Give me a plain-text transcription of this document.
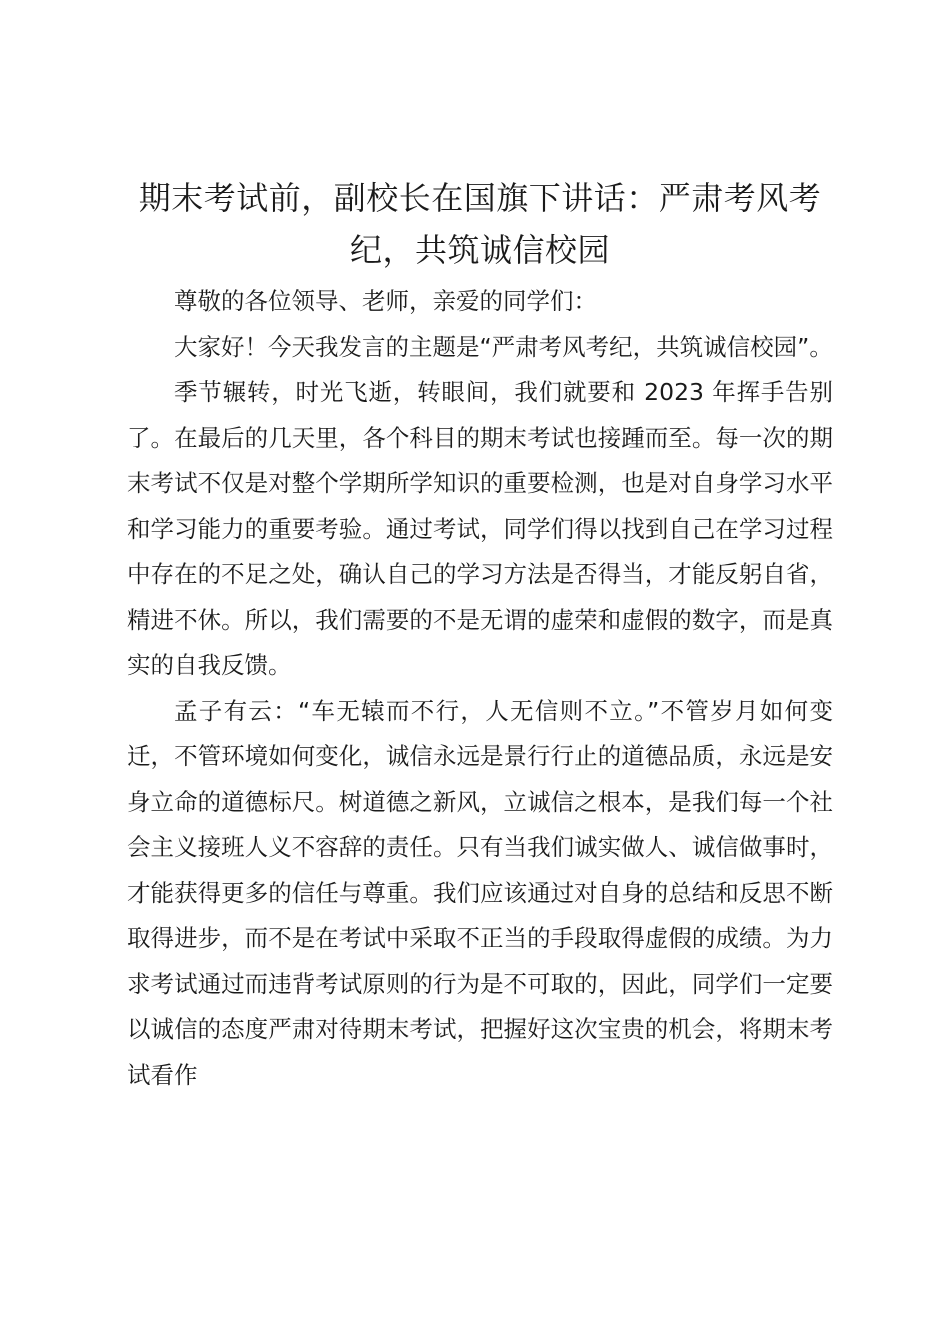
期末考试前，副校长在国旗下讲话：严肃考风考纪，共筑诚信校园

尊敬的各位领导、老师，亲爱的同学们：

大家好！今天我发言的主题是“严肃考风考纪，共筑诚信校园”。

季节辗转，时光飞逝，转眼间，我们就要和 2023 年挥手告别了。在最后的几天里，各个科目的期末考试也接踵而至。每一次的期末考试不仅是对整个学期所学知识的重要检测，也是对自身学习水平和学习能力的重要考验。通过考试，同学们得以找到自己在学习过程中存在的不足之处，确认自己的学习方法是否得当，才能反躬自省，精进不休。所以，我们需要的不是无谓的虚荣和虚假的数字，而是真实的自我反馈。

孟子有云：“车无辕而不行，人无信则不立。”不管岁月如何变迁，不管环境如何变化，诚信永远是景行行止的道德品质，永远是安身立命的道德标尺。树道德之新风，立诚信之根本，是我们每一个社会主义接班人义不容辞的责任。只有当我们诚实做人、诚信做事时，才能获得更多的信任与尊重。我们应该通过对自身的总结和反思不断取得进步，而不是在考试中采取不正当的手段取得虚假的成绩。为力求考试通过而违背考试原则的行为是不可取的，因此，同学们一定要以诚信的态度严肃对待期末考试，把握好这次宝贵的机会，将期末考试看作
